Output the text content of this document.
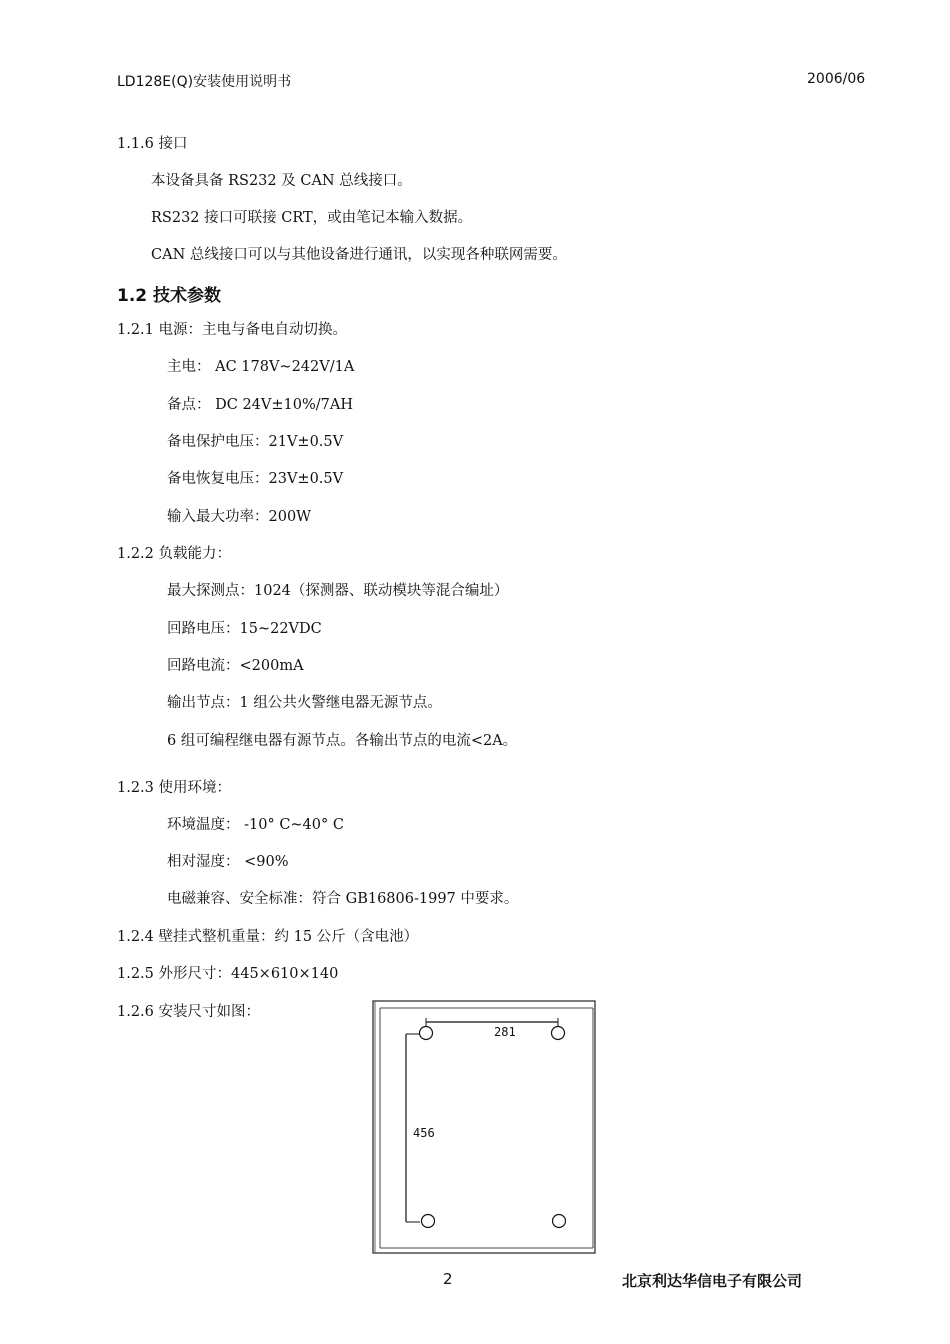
LD128E(Q)安装使用说明书	2006/06
1.1.6 接口
本设备具备 RS232 及 CAN 总线接口。
RS232 接口可联接 CRT，或由笔记本输入数据。
CAN 总线接口可以与其他设备进行通讯，以实现各种联网需要。
1.2 技术参数
1.2.1 电源：主电与备电自动切换。
主电： AC 178V~242V/1A
备点： DC 24V±10%/7AH
备电保护电压：21V±0.5V
备电恢复电压：23V±0.5V
输入最大功率：200W
1.2.2 负载能力：
最大探测点：1024（探测器、联动模块等混合编址）
回路电压：15~22VDC
回路电流：<200mA
输出节点：1 组公共火警继电器无源节点。
6 组可编程继电器有源节点。各输出节点的电流<2A。
1.2.3 使用环境：
环境温度： -10° C~40° C
相对湿度： <90%
电磁兼容、安全标准：符合 GB16806-1997 中要求。
1.2.4 壁挂式整机重量：约 15 公斤（含电池）
1.2.5 外形尺寸：445×610×140
1.2.6 安装尺寸如图：
281
456
2	北京利达华信电子有限公司
